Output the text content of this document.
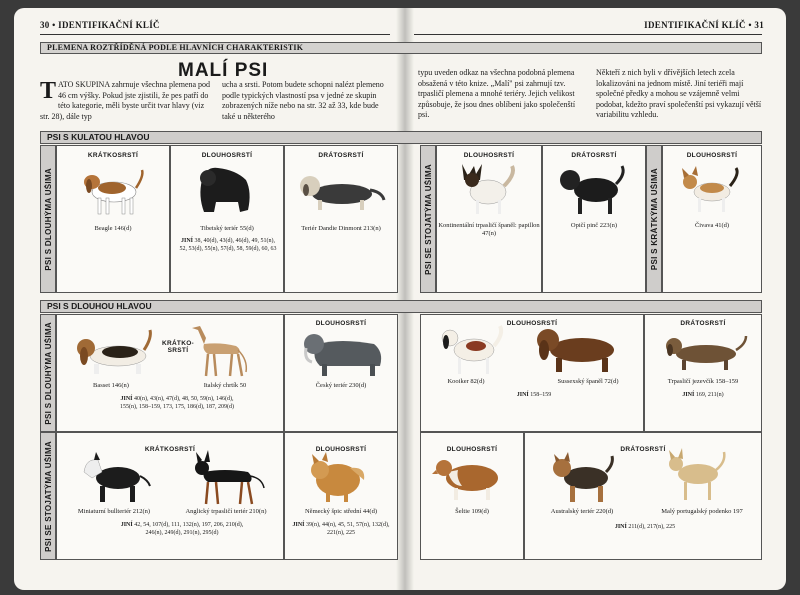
30 • IDENTIFIKAČNÍ KLÍČ	IDENTIFIKAČNÍ KLÍČ • 31
PLEMENA ROZTŘÍDĚNÁ PODLE HLAVNÍCH CHARAKTERISTIK
MALÍ PSI
TATO SKUPINA zahrnuje všechna plemena pod 46 cm výšky. Pokud jste zjistili, že pes patří do této kategorie, měli byste určit tvar hlavy (viz str. 28), dále typ
ucha a srsti. Potom budete schopni nalézt plemeno podle typických vlastností psa v jedné ze skupin zobrazených níže nebo na str. 32 až 33, kde bude také u některého
typu uveden odkaz na všechna podobná plemena obsažená v této knize. „Malí" psi zahrnují tzv. trpasličí plemena a mnohé teriéry. Jejich velikost způsobuje, že jsou dnes oblíbeni jako společenští psi.
Někteří z nich byli v dřívějších letech zcela lokalizováni na jednom místě. Jiní teriéři mají společné předky a mohou se vzájemně velmi podobat, kdežto praví společenští psi vykazují větší variabilitu vzhledu.
PSI S KULATOU HLAVOU
PSI S DLOUHÝMA UŠIMA
KRÁTKOSRSTÍ
Beagle 146(d)
DLOUHOSRSTÍ
Tibetský teriér 55(d)
JINÍ 38, 40(d), 43(d), 46(d), 49, 51(n), 52, 53(d), 55(n), 57(d), 58, 59(d), 60, 63
DRÁTOSRSTÍ
Teriér Dandie Dinmont 213(n)	PSI SE STOJATÝMA UŠIMA
DLOUHOSRSTÍ
Kontinentální trpasličí španěl: papillon 47(n)
DRÁTOSRSTÍ
Opičí pinč 223(n)	PSI S KRÁTKÝMA UŠIMA
DLOUHOSRSTÍ
Čivava 41(d)
PSI S DLOUHOU HLAVOU
PSI S DLOUHÝMA UŠIMA	KRÁTKO-
SRSTÍ
Basset 146(n)	Italský chrtík 50
JINÍ 40(n), 43(n), 47(d), 48, 50, 59(n), 146(d), 155(n), 158–159, 173, 175, 186(d), 187, 209(d)
DLOUHOSRSTÍ
Český teriér 230(d)
DLOUHOSRSTÍ
Kooiker 82(d)	Sussexský španěl 72(d)
JINÍ 158–159
DRÁTOSRSTÍ
Trpasličí jezevčík 158–159
JINÍ 169, 211(n)
PSI SE STOJATÝMA UŠIMA	KRÁTKOSRSTÍ
Miniaturní bullteriér 212(n)	Anglický trpasličí teriér 210(n)
JINÍ 42, 54, 107(d), 111, 132(n), 197, 206, 210(d), 246(n), 249(d), 291(n), 295(d)
DLOUHOSRSTÍ
Německý špic střední 44(d)
JINÍ 39(n), 44(n), 45, 51, 57(n), 132(d), 221(n), 225
DLOUHOSRSTÍ
Šeltie 109(d)
DRÁTOSRSTÍ
Australský teriér 220(d)	Malý portugalský podenko 197
JINÍ 211(d), 217(n), 225
